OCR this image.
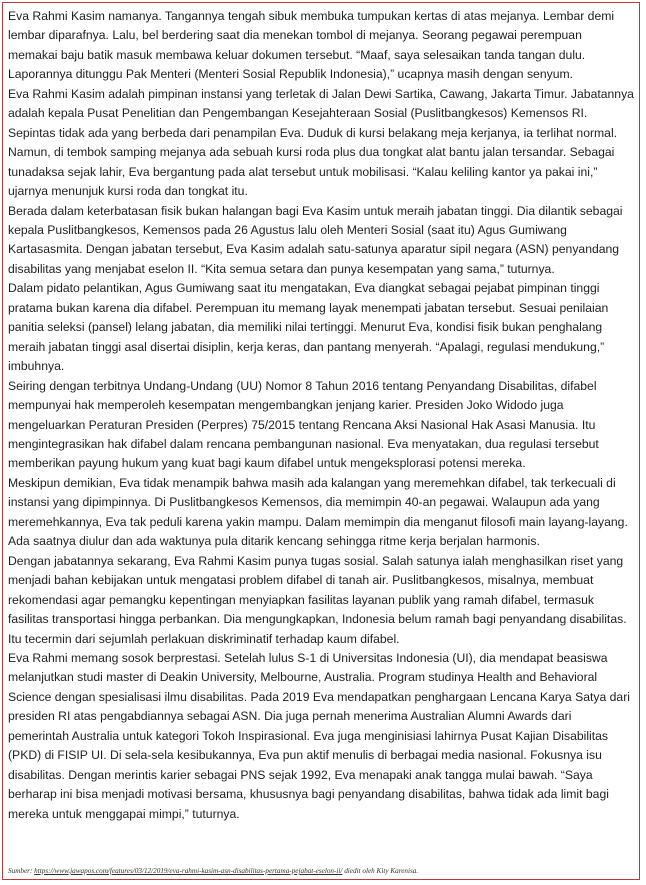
Eva Rahmi Kasim namanya. Tangannya tengah sibuk membuka tumpukan kertas di atas mejanya. Lembar demi lembar diparafnya. Lalu, bel berdering saat dia menekan tombol di mejanya. Seorang pegawai perempuan memakai baju batik masuk membawa keluar dokumen tersebut. “Maaf, saya selesaikan tanda tangan dulu. Laporannya ditunggu Pak Menteri (Menteri Sosial Republik Indonesia),” ucapnya masih dengan senyum.

Eva Rahmi Kasim adalah pimpinan instansi yang terletak di Jalan Dewi Sartika, Cawang, Jakarta Timur. Jabatannya adalah kepala Pusat Penelitian dan Pengembangan Kesejahteraan Sosial (Puslitbangkesos) Kemensos RI.

Sepintas tidak ada yang berbeda dari penampilan Eva. Duduk di kursi belakang meja kerjanya, ia terlihat normal. Namun, di tembok samping mejanya ada sebuah kursi roda plus dua tongkat alat bantu jalan tersandar. Sebagai tunadaksa sejak lahir, Eva bergantung pada alat tersebut untuk mobilisasi. “Kalau keliling kantor ya pakai ini,” ujarnya menunjuk kursi roda dan tongkat itu.

Berada dalam keterbatasan fisik bukan halangan bagi Eva Kasim untuk meraih jabatan tinggi. Dia dilantik sebagai kepala Puslitbangkesos, Kemensos pada 26 Agustus lalu oleh Menteri Sosial (saat itu) Agus Gumiwang Kartasasmita. Dengan jabatan tersebut, Eva Kasim adalah satu-satunya aparatur sipil negara (ASN) penyandang disabilitas yang menjabat eselon II. “Kita semua setara dan punya kesempatan yang sama,” tuturnya.

Dalam pidato pelantikan, Agus Gumiwang saat itu mengatakan, Eva diangkat sebagai pejabat pimpinan tinggi pratama bukan karena dia difabel. Perempuan itu memang layak menempati jabatan tersebut. Sesuai penilaian panitia seleksi (pansel) lelang jabatan, dia memiliki nilai tertinggi. Menurut Eva, kondisi fisik bukan penghalang meraih jabatan tinggi asal disertai disiplin, kerja keras, dan pantang menyerah. “Apalagi, regulasi mendukung,” imbuhnya.

Seiring dengan terbitnya Undang-Undang (UU) Nomor 8 Tahun 2016 tentang Penyandang Disabilitas, difabel mempunyai hak memperoleh kesempatan mengembangkan jenjang karier. Presiden Joko Widodo juga mengeluarkan Peraturan Presiden (Perpres) 75/2015 tentang Rencana Aksi Nasional Hak Asasi Manusia. Itu mengintegrasikan hak difabel dalam rencana pembangunan nasional. Eva menyatakan, dua regulasi tersebut memberikan payung hukum yang kuat bagi kaum difabel untuk mengeksplorasi potensi mereka.

Meskipun demikian, Eva tidak menampik bahwa masih ada kalangan yang meremehkan difabel, tak terkecuali di instansi yang dipimpinnya. Di Puslitbangkesos Kemensos, dia memimpin 40-an pegawai. Walaupun ada yang meremehkannya, Eva tak peduli karena yakin mampu. Dalam memimpin dia menganut filosofi main layang-layang. Ada saatnya diulur dan ada waktunya pula ditarik kencang sehingga ritme kerja berjalan harmonis.

Dengan jabatannya sekarang, Eva Rahmi Kasim punya tugas sosial. Salah satunya ialah menghasilkan riset yang menjadi bahan kebijakan untuk mengatasi problem difabel di tanah air. Puslitbangkesos, misalnya, membuat rekomendasi agar pemangku kepentingan menyiapkan fasilitas layanan publik yang ramah difabel, termasuk fasilitas transportasi hingga perbankan. Dia mengungkapkan, Indonesia belum ramah bagi penyandang disabilitas. Itu tecermin dari sejumlah perlakuan diskriminatif terhadap kaum difabel.

Eva Rahmi memang sosok berprestasi. Setelah lulus S-1 di Universitas Indonesia (UI), dia mendapat beasiswa melanjutkan studi master di Deakin University, Melbourne, Australia. Program studinya Health and Behavioral Science dengan spesialisasi ilmu disabilitas. Pada 2019 Eva mendapatkan penghargaan Lencana Karya Satya dari presiden RI atas pengabdiannya sebagai ASN. Dia juga pernah menerima Australian Alumni Awards dari pemerintah Australia untuk kategori Tokoh Inspirasional. Eva juga menginisiasi lahirnya Pusat Kajian Disabilitas (PKD) di FISIP UI. Di sela-sela kesibukannya, Eva pun aktif menulis di berbagai media nasional. Fokusnya isu disabilitas. Dengan merintis karier sebagai PNS sejak 1992, Eva menapaki anak tangga mulai bawah. “Saya berharap ini bisa menjadi motivasi bersama, khususnya bagi penyandang disabilitas, bahwa tidak ada limit bagi mereka untuk menggapai mimpi,” tuturnya.

Sumber: https://www.jawapos.com/features/03/12/2019/eva-rahmi-kasim-asn-disabilitas-pertama-pejabat-eselon-ii/ diedit oleh Kity Karenisa.
